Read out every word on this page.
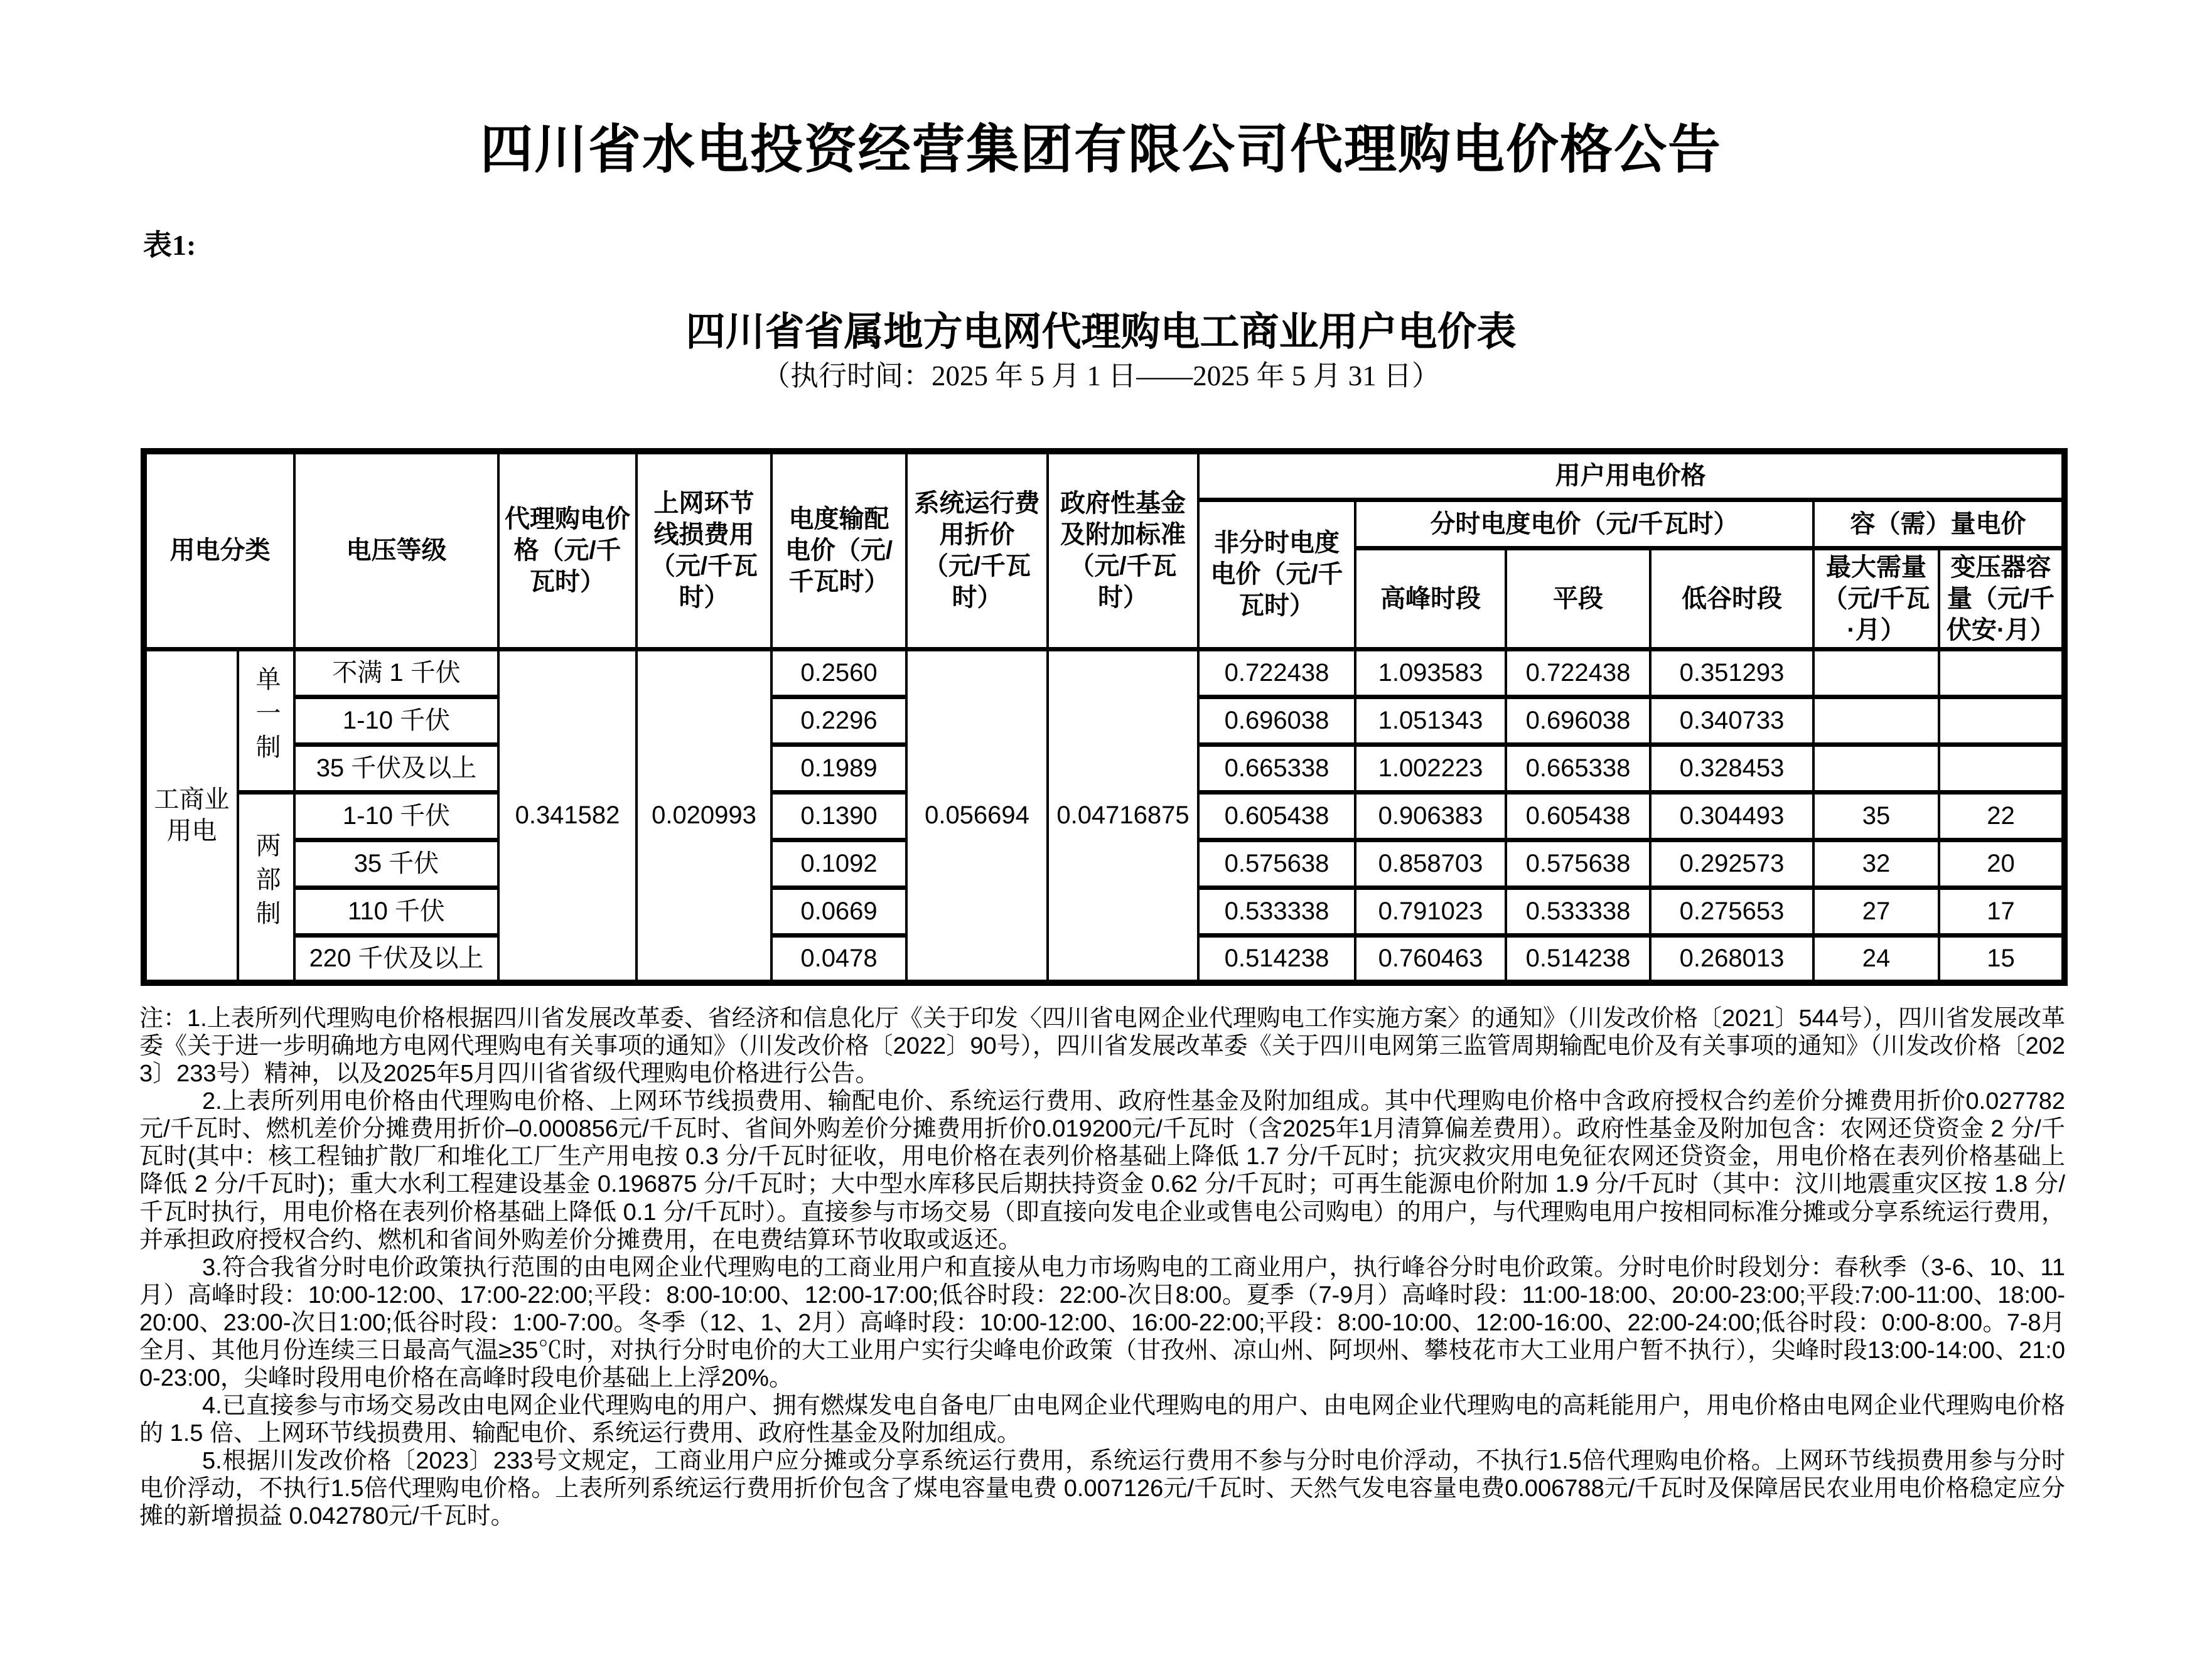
四川省水电投资经营集团有限公司代理购电价格公告
表1:
四川省省属地方电网代理购电工商业用户电价表
（执行时间：2025 年 5 月 1 日——2025 年 5 月 31 日）
用电分类		电压等级	代理购电价格（元/千瓦时）	上网环节线损费用（元/千瓦时）	电度输配电价（元/千瓦时）	系统运行费用折价（元/千瓦时）	政府性基金及附加标准（元/千瓦时）	用户用电价格					
								非分时电度电价（元/千瓦时）	分时电度电价（元/千瓦时）			容（需）量电价	
									高峰时段	平段	低谷时段	最大需量（元/千瓦·月）	变压器容量（元/千伏安·月）
工商业用电	单一制	不满 1 千伏	0.341582	0.020993	0.2560	0.056694	0.04716875	0.722438	1.093583	0.722438	0.351293		
		1-10 千伏			0.2296			0.696038	1.051343	0.696038	0.340733		
		35 千伏及以上			0.1989			0.665338	1.002223	0.665338	0.328453		
	两部制	1-10 千伏			0.1390			0.605438	0.906383	0.605438	0.304493	35	22
		35 千伏			0.1092			0.575638	0.858703	0.575638	0.292573	32	20
		110 千伏			0.0669			0.533338	0.791023	0.533338	0.275653	27	17
		220 千伏及以上			0.0478			0.514238	0.760463	0.514238	0.268013	24	15

注：1.上表所列代理购电价格根据四川省发展改革委、省经济和信息化厅《关于印发〈四川省电网企业代理购电工作实施方案〉的通知》（川发改价格〔2021〕544号），四川省发展改革委《关于进一步明确地方电网代理购电有关事项的通知》（川发改价格〔2022〕90号），四川省发展改革委《关于四川电网第三监管周期输配电价及有关事项的通知》（川发改价格〔2023〕233号）精神，以及2025年5月四川省省级代理购电价格进行公告。

2.上表所列用电价格由代理购电价格、上网环节线损费用、输配电价、系统运行费用、政府性基金及附加组成。其中代理购电价格中含政府授权合约差价分摊费用折价0.027782元/千瓦时、燃机差价分摊费用折价–0.000856元/千瓦时、省间外购差价分摊费用折价0.019200元/千瓦时（含2025年1月清算偏差费用）。政府性基金及附加包含：农网还贷资金 2 分/千瓦时(其中：核工程铀扩散厂和堆化工厂生产用电按 0.3 分/千瓦时征收，用电价格在表列价格基础上降低 1.7 分/千瓦时；抗灾救灾用电免征农网还贷资金，用电价格在表列价格基础上降低 2 分/千瓦时)；重大水利工程建设基金 0.196875 分/千瓦时；大中型水库移民后期扶持资金 0.62 分/千瓦时；可再生能源电价附加 1.9 分/千瓦时（其中：汶川地震重灾区按 1.8 分/千瓦时执行，用电价格在表列价格基础上降低 0.1 分/千瓦时）。直接参与市场交易（即直接向发电企业或售电公司购电）的用户，与代理购电用户按相同标准分摊或分享系统运行费用，并承担政府授权合约、燃机和省间外购差价分摊费用，在电费结算环节收取或返还。

3.符合我省分时电价政策执行范围的由电网企业代理购电的工商业用户和直接从电力市场购电的工商业用户，执行峰谷分时电价政策。分时电价时段划分：春秋季（3-6、10、11月）高峰时段：10:00-12:00、17:00-22:00;平段：8:00-10:00、12:00-17:00;低谷时段：22:00-次日8:00。夏季（7-9月）高峰时段：11:00-18:00、20:00-23:00;平段:7:00-11:00、18:00-20:00、23:00-次日1:00;低谷时段：1:00-7:00。冬季（12、1、2月）高峰时段：10:00-12:00、16:00-22:00;平段：8:00-10:00、12:00-16:00、22:00-24:00;低谷时段：0:00-8:00。7-8月全月、其他月份连续三日最高气温≥35℃时，对执行分时电价的大工业用户实行尖峰电价政策（甘孜州、凉山州、阿坝州、攀枝花市大工业用户暂不执行），尖峰时段13:00-14:00、21:00-23:00，尖峰时段用电价格在高峰时段电价基础上上浮20%。

4.已直接参与市场交易改由电网企业代理购电的用户、拥有燃煤发电自备电厂由电网企业代理购电的用户、由电网企业代理购电的高耗能用户，用电价格由电网企业代理购电价格的 1.5 倍、上网环节线损费用、输配电价、系统运行费用、政府性基金及附加组成。

5.根据川发改价格〔2023〕233号文规定，工商业用户应分摊或分享系统运行费用，系统运行费用不参与分时电价浮动，不执行1.5倍代理购电价格。上网环节线损费用参与分时电价浮动，不执行1.5倍代理购电价格。上表所列系统运行费用折价包含了煤电容量电费 0.007126元/千瓦时、天然气发电容量电费0.006788元/千瓦时及保障居民农业用电价格稳定应分摊的新增损益 0.042780元/千瓦时。
